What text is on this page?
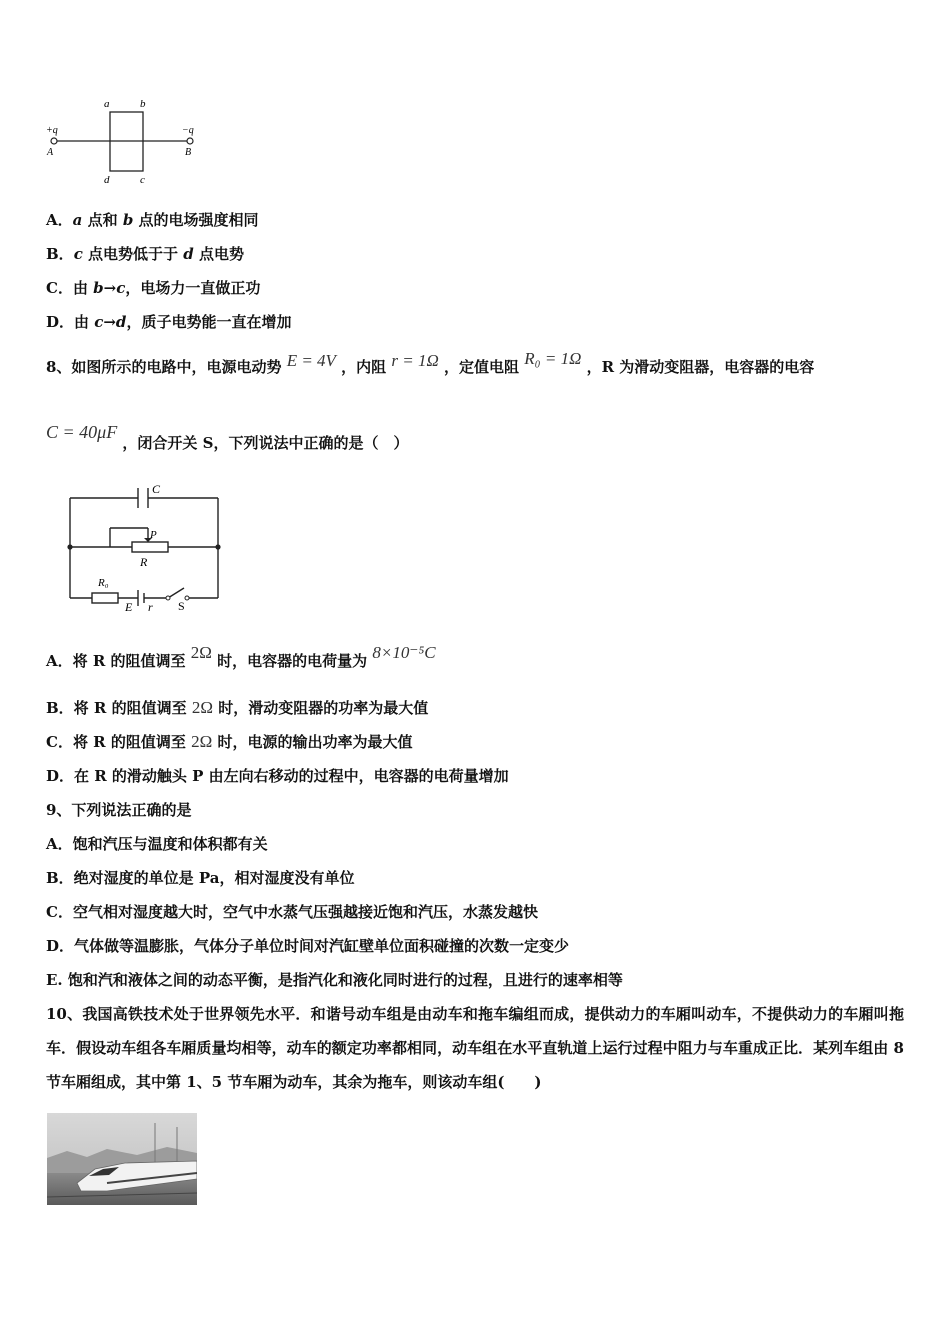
a	b
d	c
+q	−q
A	B
A．a 点和 b 点的电场强度相同
B．c 点电势低于于 d 点电势
C．由 b→c，电场力一直做正功
D．由 c→d，质子电势能一直在增加
8、如图所示的电路中，电源电动势 E = 4V ，内阻 r = 1Ω ，定值电阻 R₀ = 1Ω ，R 为滑动变阻器，电容器的电容
C = 40μF ，闭合开关 S，下列说法中正确的是（　）
C
P
R
R₀
E r S
A．将 R 的阻值调至 2Ω 时，电容器的电荷量为 8×10⁻⁵C
B．将 R 的阻值调至 2Ω 时，滑动变阻器的功率为最大值
C．将 R 的阻值调至 2Ω 时，电源的输出功率为最大值
D．在 R 的滑动触头 P 由左向右移动的过程中，电容器的电荷量增加
9、下列说法正确的是
A．饱和汽压与温度和体积都有关
B．绝对湿度的单位是 Pa，相对湿度没有单位
C．空气相对湿度越大时，空气中水蒸气压强越接近饱和汽压，水蒸发越快
D．气体做等温膨胀，气体分子单位时间对汽缸壁单位面积碰撞的次数一定变少
E. 饱和汽和液体之间的动态平衡，是指汽化和液化同时进行的过程，且进行的速率相等
10、我国高铁技术处于世界领先水平．和谐号动车组是由动车和拖车编组而成，提供动力的车厢叫动车，不提供动力的车厢叫拖车．假设动车组各车厢质量均相等，动车的额定功率都相同，动车组在水平直轨道上运行过程中阻力与车重成正比．某列车组由 8 节车厢组成，其中第 1、5 节车厢为动车，其余为拖车，则该动车组(　　)
